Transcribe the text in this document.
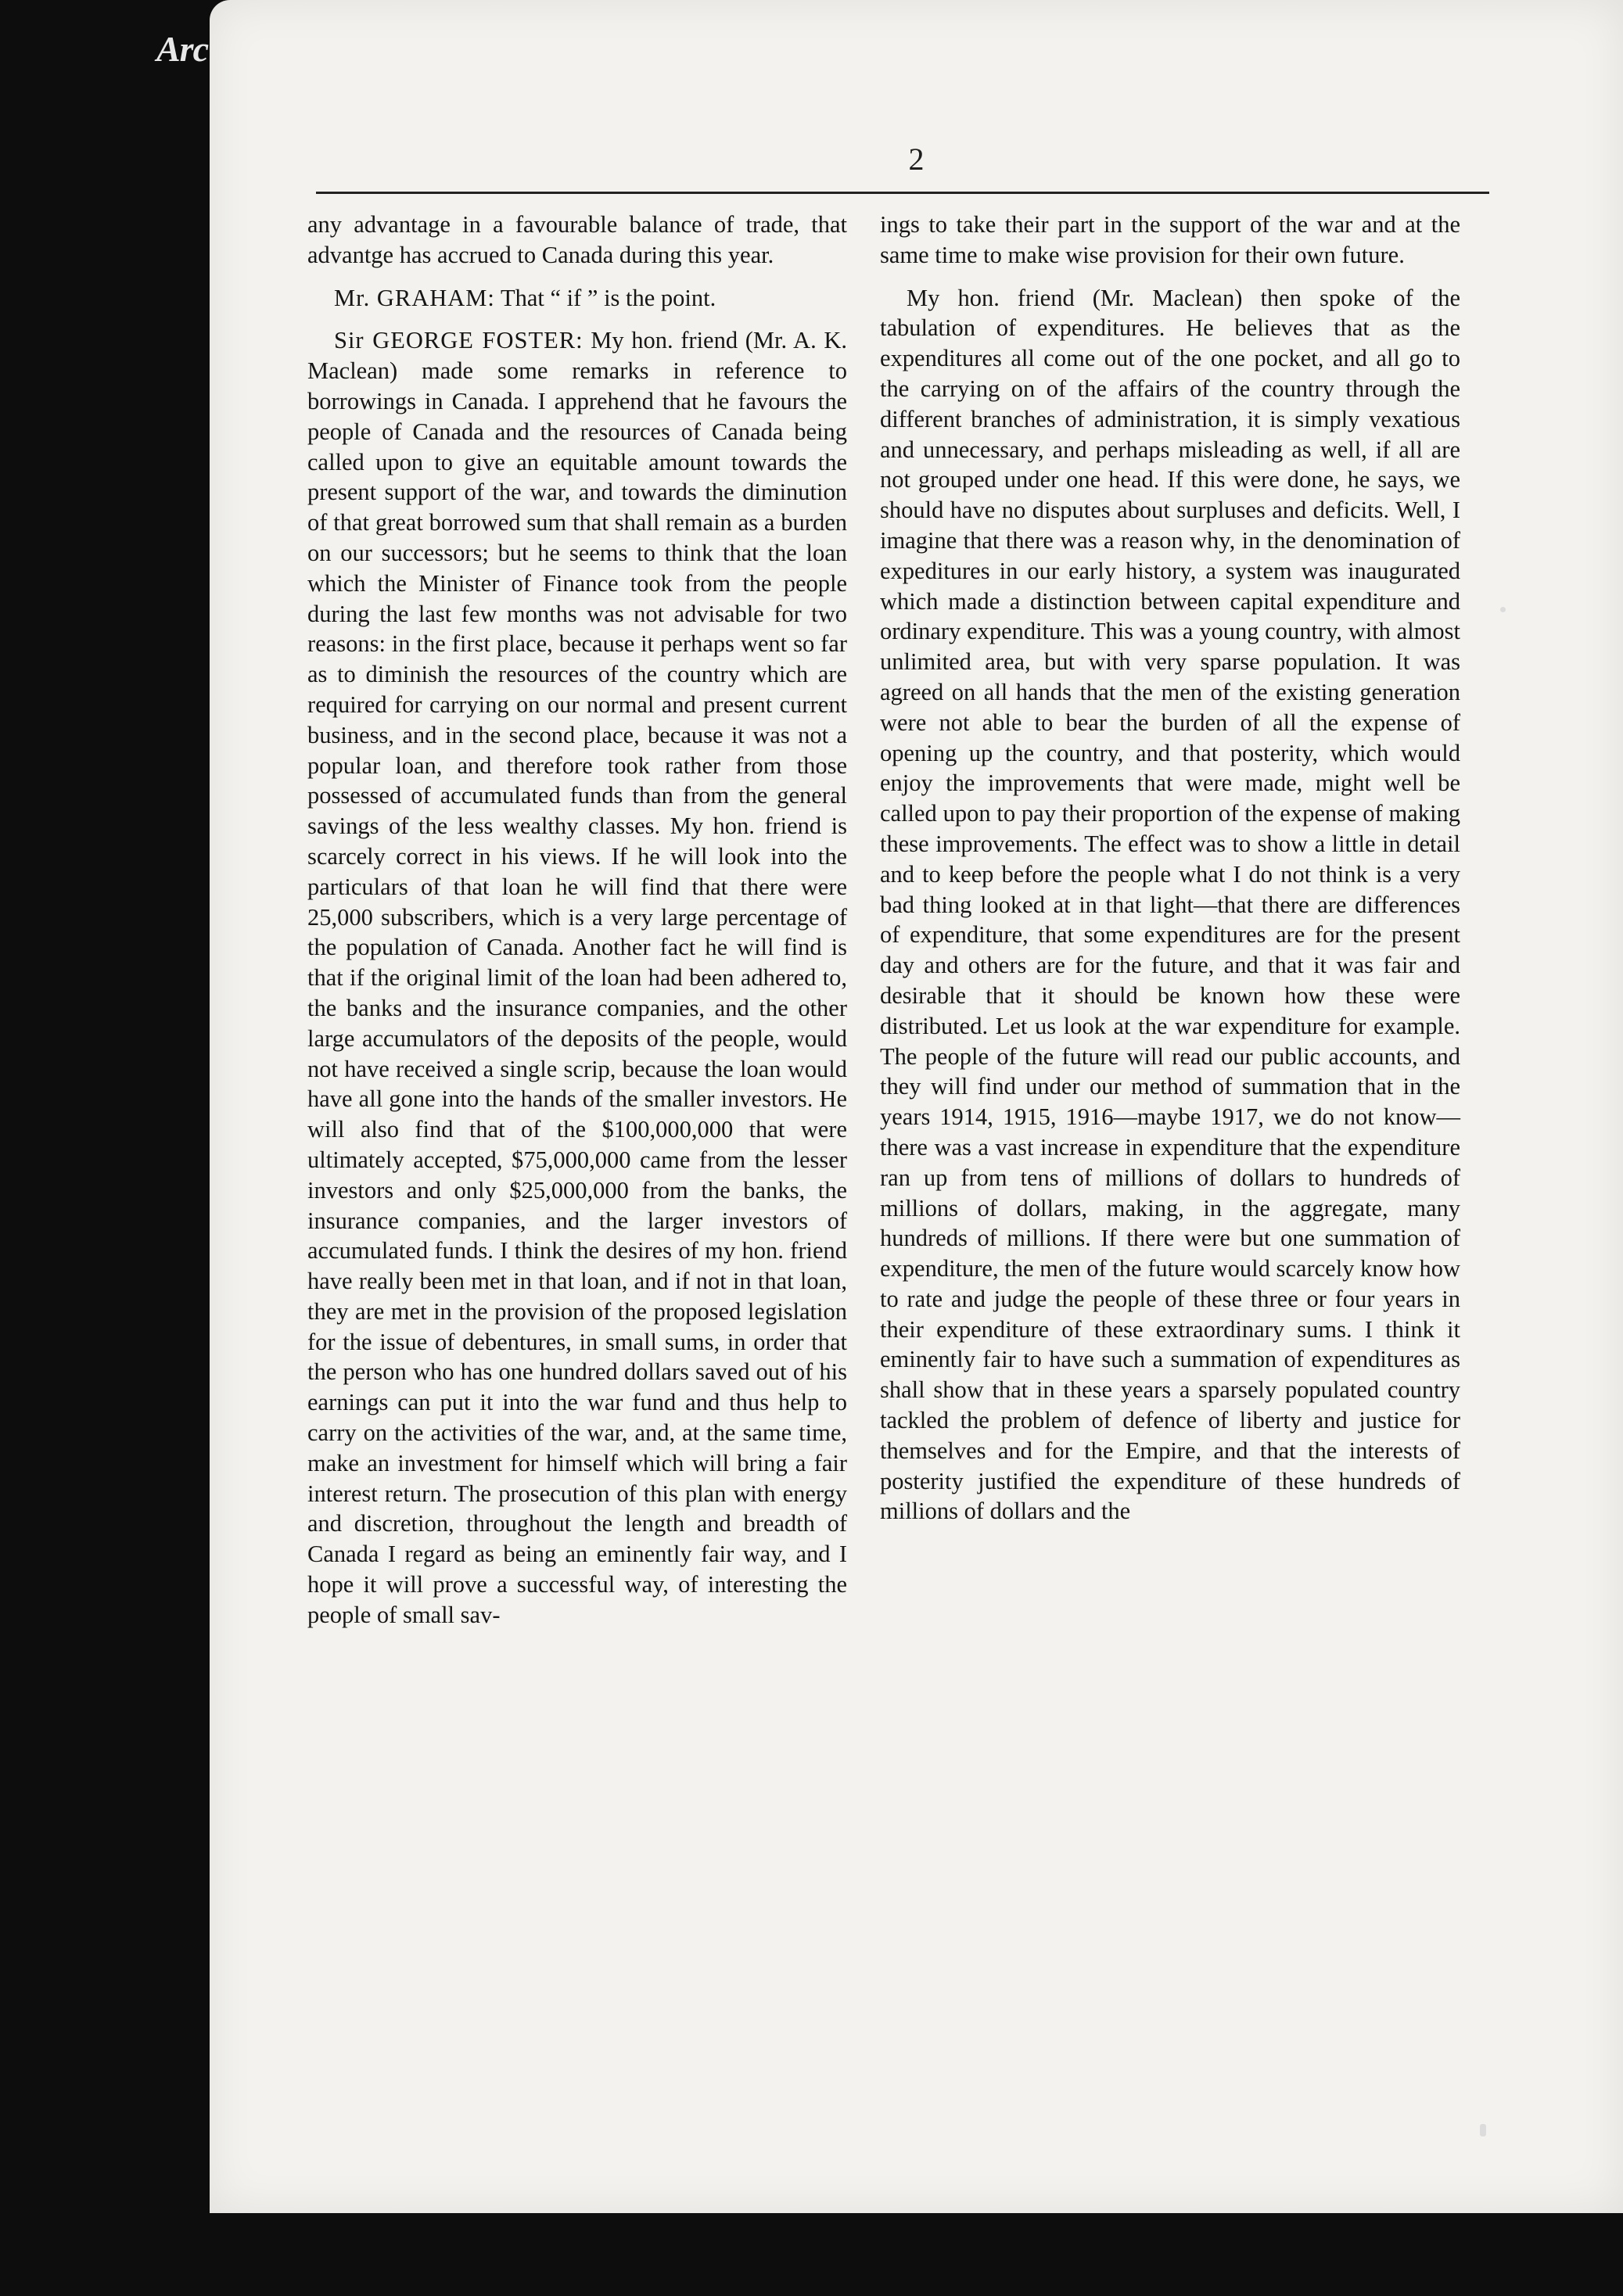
Arc
2

any advantage in a favourable balance of trade, that advantge has accrued to Canada during this year.

Mr. GRAHAM: That “ if ” is the point.

Sir GEORGE FOSTER: My hon. friend (Mr. A. K. Maclean) made some remarks in reference to borrowings in Canada. I apprehend that he favours the people of Canada and the resources of Canada being called upon to give an equitable amount towards the present support of the war, and towards the diminution of that great borrowed sum that shall remain as a burden on our successors; but he seems to think that the loan which the Minister of Finance took from the people during the last few months was not advisable for two reasons: in the first place, because it perhaps went so far as to diminish the resources of the country which are required for carrying on our normal and present current business, and in the second place, because it was not a popular loan, and therefore took rather from those possessed of accumulated funds than from the general savings of the less wealthy classes. My hon. friend is scarcely correct in his views. If he will look into the particulars of that loan he will find that there were 25,000 subscribers, which is a very large percentage of the population of Canada. Another fact he will find is that if the original limit of the loan had been adhered to, the banks and the insurance companies, and the other large accumulators of the deposits of the people, would not have received a single scrip, because the loan would have all gone into the hands of the smaller investors. He will also find that of the $100,000,000 that were ultimately accepted, $75,000,000 came from the lesser investors and only $25,000,000 from the banks, the insurance companies, and the larger investors of accumulated funds. I think the desires of my hon. friend have really been met in that loan, and if not in that loan, they are met in the provision of the proposed legislation for the issue of debentures, in small sums, in order that the person who has one hundred dollars saved out of his earnings can put it into the war fund and thus help to carry on the activities of the war, and, at the same time, make an investment for himself which will bring a fair interest return. The prosecution of this plan with energy and discretion, throughout the length and breadth of Canada I regard as being an eminently fair way, and I hope it will prove a successful way, of interesting the people of small sav-

ings to take their part in the support of the war and at the same time to make wise provision for their own future.

My hon. friend (Mr. Maclean) then spoke of the tabulation of expenditures. He believes that as the expenditures all come out of the one pocket, and all go to the carrying on of the affairs of the country through the different branches of administration, it is simply vexatious and unnecessary, and perhaps misleading as well, if all are not grouped under one head. If this were done, he says, we should have no disputes about surpluses and deficits. Well, I imagine that there was a reason why, in the denomination of expeditures in our early history, a system was inaugurated which made a distinction between capital expenditure and ordinary expenditure. This was a young country, with almost unlimited area, but with very sparse population. It was agreed on all hands that the men of the existing generation were not able to bear the burden of all the expense of opening up the country, and that posterity, which would enjoy the improvements that were made, might well be called upon to pay their proportion of the expense of making these improvements. The effect was to show a little in detail and to keep before the people what I do not think is a very bad thing looked at in that light—that there are differences of expenditure, that some expenditures are for the present day and others are for the future, and that it was fair and desirable that it should be known how these were distributed. Let us look at the war expenditure for example. The people of the future will read our public accounts, and they will find under our method of summation that in the years 1914, 1915, 1916—maybe 1917, we do not know—there was a vast increase in expenditure that the expenditure ran up from tens of millions of dollars to hundreds of millions of dollars, making, in the aggregate, many hundreds of millions. If there were but one summation of expenditure, the men of the future would scarcely know how to rate and judge the people of these three or four years in their expenditure of these extraordinary sums. I think it eminently fair to have such a summation of expenditures as shall show that in these years a sparsely populated country tackled the problem of defence of liberty and justice for themselves and for the Empire, and that the interests of posterity justified the expenditure of these hundreds of millions of dollars and the
